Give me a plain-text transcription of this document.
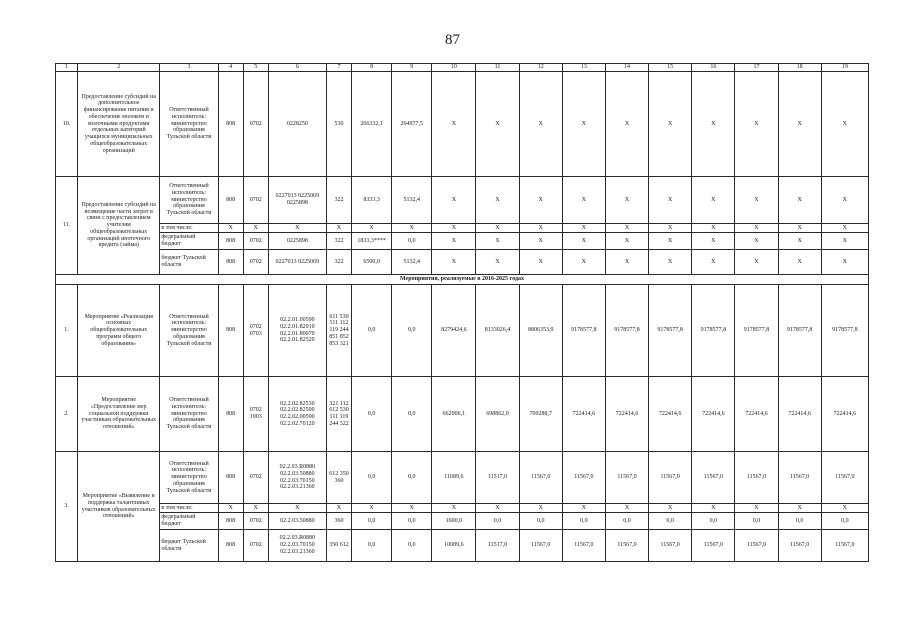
87
1	2	3	4	5	6	7	8	9	10	11	12	13	14	15	16	17	18	19
10.	Предоставление субсидий на дополнительное финансирование питания и обеспечение молоком и молочными продуктами отдельных категорий учащихся муниципальных общеобразовательных организаций	Ответственный исполнитель: министерство образования Тульской области	808	0702	0228250	530	266332,1	264977,5	X	X	X	X	X	X	X	X	X	X
11.	Предоставление субсидий на возмещение части затрат в связи с предоставлением учителям общеобразовательных организаций ипотечного кредита (займа)	Ответственный исполнитель: министерство образования Тульской области	808	0702	0227013 0225069 0225898	322	8333,3	5132,4	X	X	X	X	X	X	X	X	X	X
		в том числе:	X	X	X	X	X	X	X	X	X	X	X	X	X	X	X	X
		федеральный бюджет	808	0702	0225898	322	1833,3****	0,0	X	X	X	X	X	X	X	X	X	X
		бюджет Тульской области	808	0702	0227013 0225069	322	6500,0	5132,4	X	X	X	X	X	X	X	X	X	X
Мероприятия, реализуемые в 2016-2025 годах																		
1.	Мероприятие «Реализация основных общеобразовательных программ общего образования»	Ответственный исполнитель: министерство образования Тульской области	808	0702 0703	02.2.01.00590 02.2.01.82910 02.2.01.80070 02.2.01.82520	611 530 111 112 119 244 851 852 853 321	0,0	0,0	8279424,6	8133026,4	8806353,9	9178577,8	9178577,8	9178577,8	9178577,8	9178577,8	9178577,8	9178577,8
2.	Мероприятие «Предоставление мер социальной поддержки участникам образовательных отношений»	Ответственный исполнитель: министерство образования Тульской области	808	0702 1003	02.2.02.82530 02.2.02.82500 02.2.02.00590 02.2.02.70120	321 112 612 530 111 119 244 322	0,0	0,0	662906,1	698862,0	709288,7	722414,6	722414,6	722414,6	722414,6	722414,6	722414,6	722414,6
3.	Мероприятие «Выявление и поддержка талантливых участников образовательных отношений»	Ответственный исполнитель: министерство образования Тульской области	808	0702	02.2.03.R0880 02.2.03.50880 02.2.03.70150 02.2.03.21360	612 350 360	0,0	0,0	11689,6	11517,0	11567,0	11567,0	11567,0	11567,0	11567,0	11567,0	11567,0	11567,0
		в том числе:	X	X	X	X	X	X	X	X	X	X	X	X	X	X	X	X
		федеральный бюджет	808	0702	02.2.03.50880	360	0,0	0,0	1600,0	0,0	0,0	0,0	0,0	0,0	0,0	0,0	0,0	0,0
		бюджет Тульской области	808	0702	02.2.03.R0880 02.2.03.70150 02.2.03.21360	350 612	0,0	0,0	10089,6	11517,0	11567,0	11567,0	11567,0	11567,0	11567,0	11567,0	11567,0	11567,0
